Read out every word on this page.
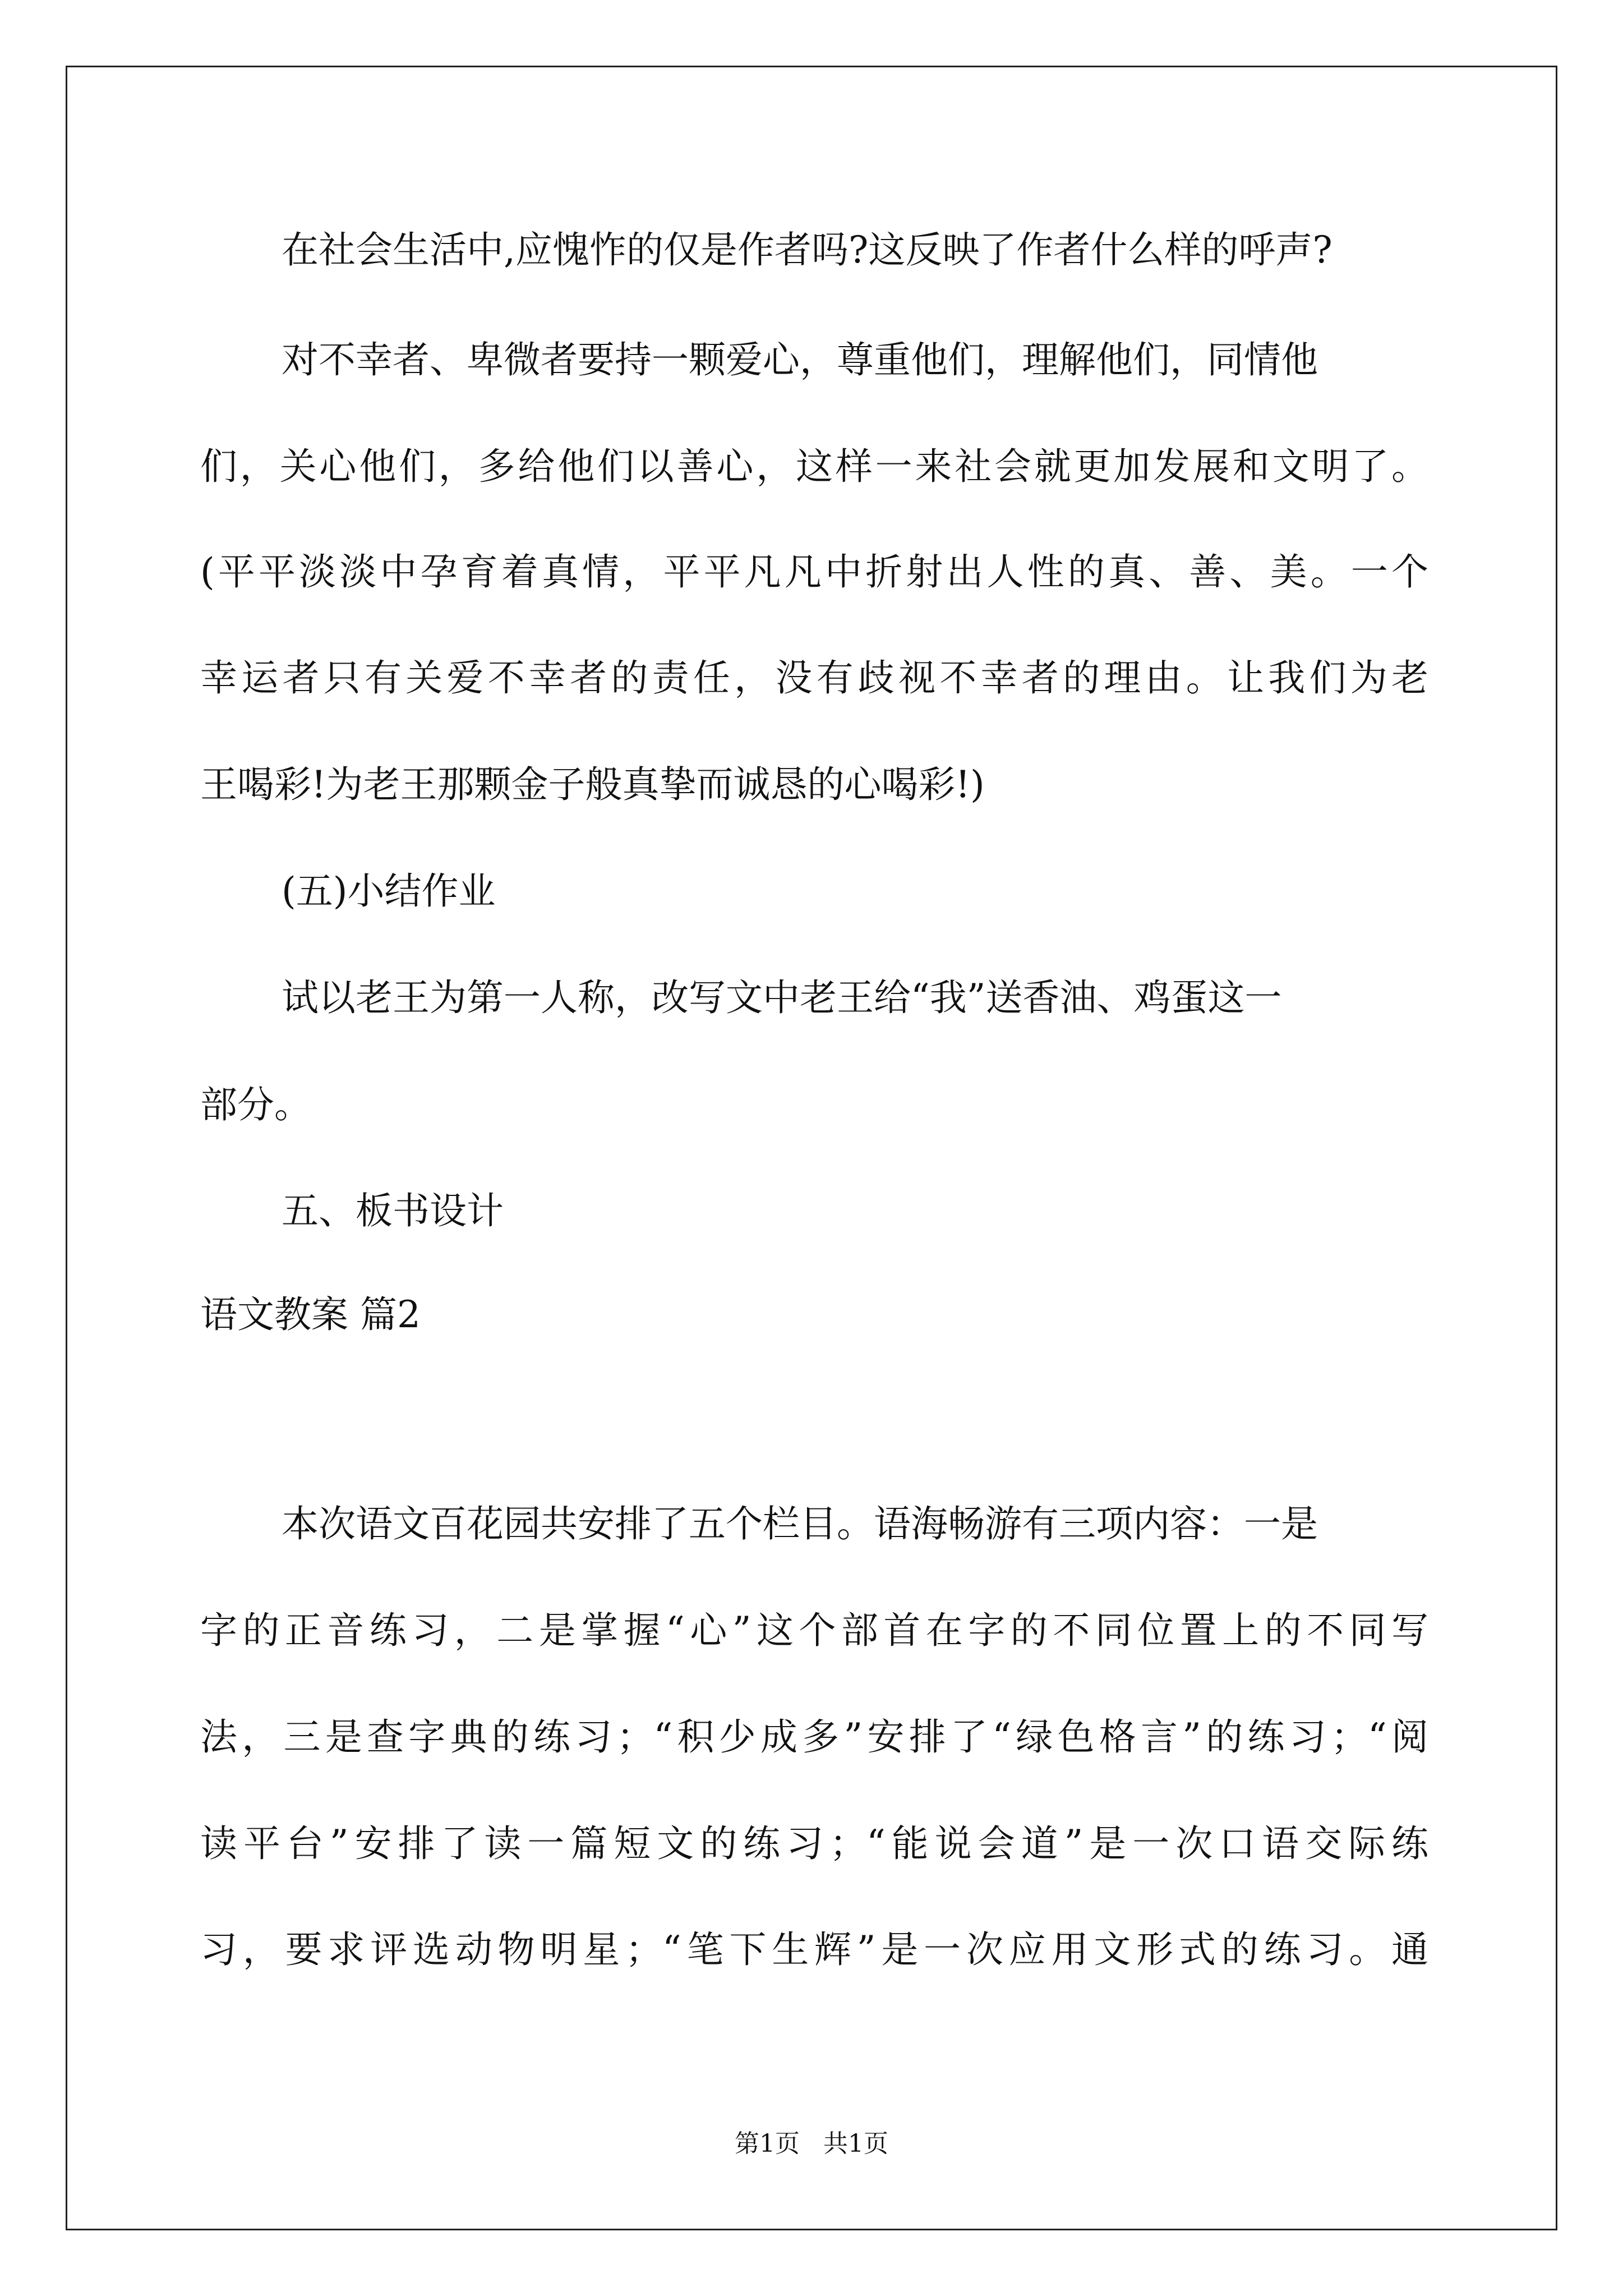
在社会生活中,应愧怍的仅是作者吗?这反映了作者什么样的呼声?
对不幸者、卑微者要持一颗爱心，尊重他们，理解他们，同情他
们，关心他们，多给他们以善心，这样一来社会就更加发展和文明了。
(平平淡淡中孕育着真情，平平凡凡中折射出人性的真、善、美。一个
幸运者只有关爱不幸者的责任，没有歧视不幸者的理由。让我们为老
王喝彩!为老王那颗金子般真挚而诚恳的心喝彩!)
(五)小结作业
试以老王为第一人称，改写文中老王给“我”送香油、鸡蛋这一
部分。
五、板书设计
语文教案 篇2
本次语文百花园共安排了五个栏目。语海畅游有三项内容：一是
字的正音练习，二是掌握“心”这个部首在字的不同位置上的不同写
法，三是查字典的练习；“积少成多”安排了“绿色格言”的练习；“阅
读平台”安排了读一篇短文的练习；“能说会道”是一次口语交际练
习，要求评选动物明星；“笔下生辉”是一次应用文形式的练习。通
第1页   共1页
